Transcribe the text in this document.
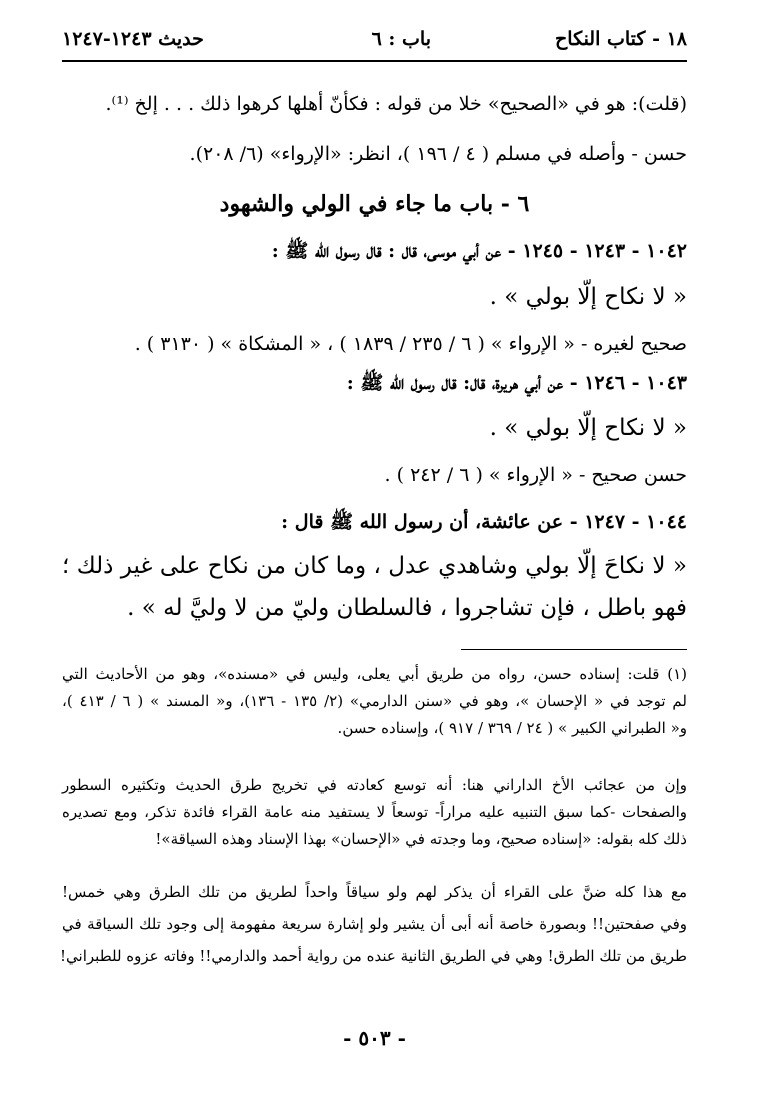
١٨ - كتاب النكاح
باب : ٦
حديث ١٢٤٣-١٢٤٧
(قلت): هو في «الصحيح» خلا من قوله : فكأنّ أهلها كرهوا ذلك . . . إلخ ⁽¹⁾.
حسن - وأصله في مسلم ( ٤ / ١٩٦ )، انظر: «الإرواء» (٦/ ٢٠٨).
٦ - باب ما جاء في الولي والشهود
١٠٤٢ - ١٢٤٣ - ١٢٤٥ - عن أبي موسى، قال : قال رسول الله ﷺ :
« لا نكاح إلّا بولي » .
صحيح لغيره - « الإرواء » ( ٦ / ٢٣٥ / ١٨٣٩ ) ، « المشكاة » ( ٣١٣٠ ) .
١٠٤٣ - ١٢٤٦ - عن أبي هريرة، قال: قال رسول الله ﷺ :
« لا نكاح إلّا بولي » .
حسن صحيح - « الإرواء » ( ٦ / ٢٤٢ ) .
١٠٤٤ - ١٢٤٧ - عن عائشة، أن رسول الله ﷺ قال :
« لا نكاحَ إلّا بولي وشاهدي عدل ، وما كان من نكاح على غير ذلك ؛
فهو باطل ، فإن تشاجروا ، فالسلطان وليّ من لا وليَّ له » .
(١) قلت: إسناده حسن، رواه من طريق أبي يعلى، وليس في «مسنده»، وهو من الأحاديث التي
لم توجد في « الإحسان »، وهو في «سنن الدارمي» (٢/ ١٣٥ - ١٣٦)، و« المسند » ( ٦ / ٤١٣ )،
و« الطبراني الكبير » ( ٢٤ / ٣٦٩ / ٩١٧ )، وإسناده حسن.
وإن من عجائب الأخ الداراني هنا: أنه توسع كعادته في تخريج طرق الحديث وتكثيره السطور
والصفحات -كما سبق التنبيه عليه مراراً- توسعاً لا يستفيد منه عامة القراء فائدة تذكر، ومع تصديره
ذلك كله بقوله: «إسناده صحيح، وما وجدته في «الإحسان» بهذا الإسناد وهذه السياقة»!
مع هذا كله ضنَّ على القراء أن يذكر لهم ولو سياقاً واحداً لطريق من تلك الطرق وهي خمس!
وفي صفحتين!! وبصورة خاصة أنه أبى أن يشير ولو إشارة سريعة مفهومة إلى وجود تلك السياقة في
طريق من تلك الطرق! وهي في الطريق الثانية عنده من رواية أحمد والدارمي!! وفاته عزوه للطبراني!
- ٥٠٣ -
